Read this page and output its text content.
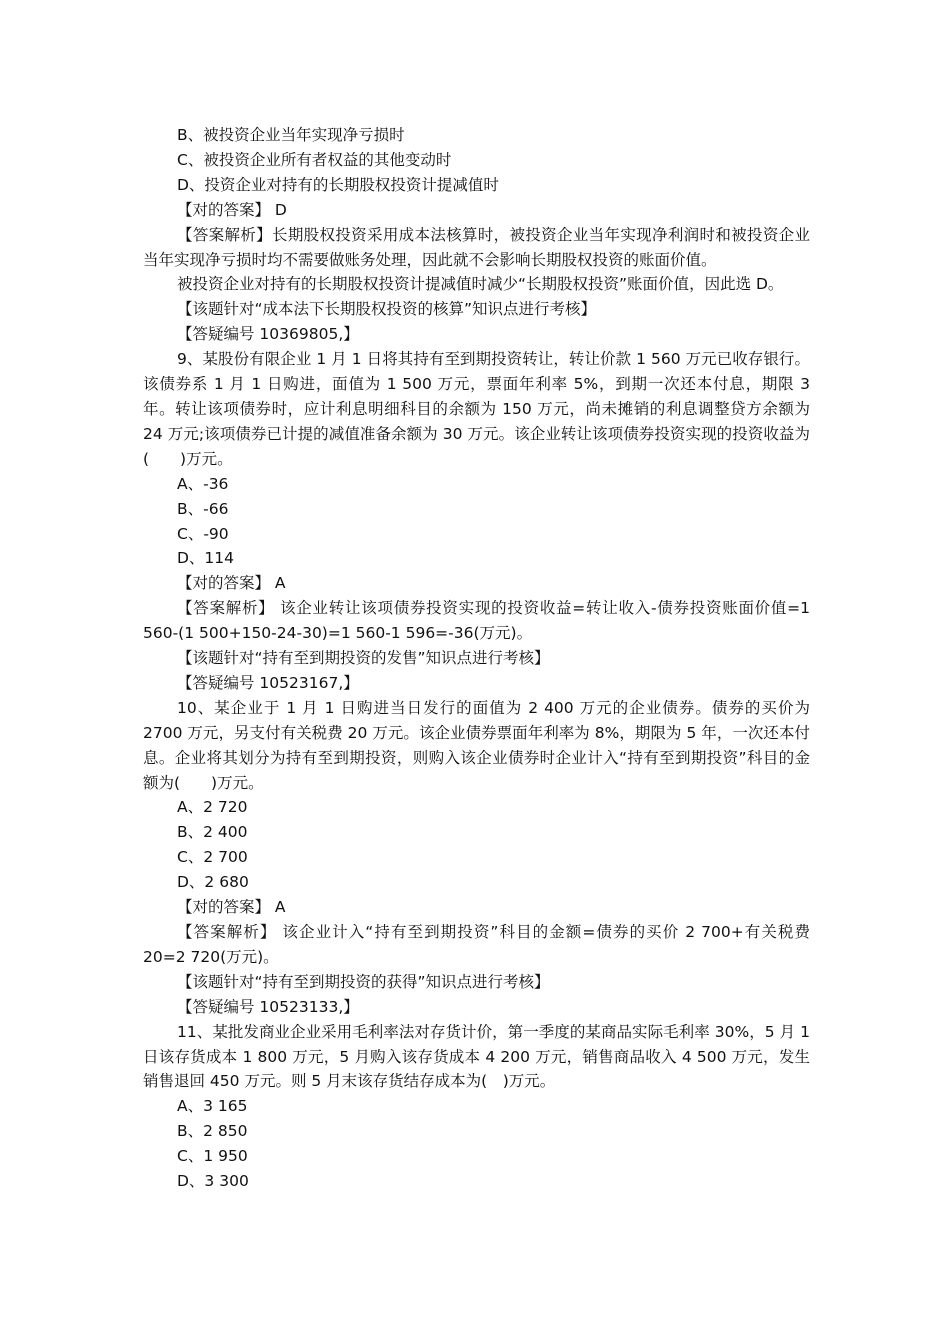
B、被投资企业当年实现净亏损时
C、被投资企业所有者权益的其他变动时
D、投资企业对持有的长期股权投资计提减值时
【对的答案】 D
【答案解析】长期股权投资采用成本法核算时，被投资企业当年实现净利润时和被投资企业当年实现净亏损时均不需要做账务处理，因此就不会影响长期股权投资的账面价值。
被投资企业对持有的长期股权投资计提减值时减少“长期股权投资”账面价值，因此选 D。
【该题针对“成本法下长期股权投资的核算”知识点进行考核】
【答疑编号 10369805,】
9、某股份有限企业 1 月 1 日将其持有至到期投资转让，转让价款 1 560 万元已收存银行。该债券系 1 月 1 日购进，面值为 1 500 万元，票面年利率 5%，到期一次还本付息，期限 3 年。转让该项债券时，应计利息明细科目的余额为 150 万元，尚未摊销的利息调整贷方余额为 24 万元;该项债券已计提的减值准备余额为 30 万元。该企业转让该项债券投资实现的投资收益为(　　)万元。
A、-36
B、-66
C、-90
D、114
【对的答案】 A
【答案解析】 该企业转让该项债券投资实现的投资收益=转让收入-债券投资账面价值=1 560-(1 500+150-24-30)=1 560-1 596=-36(万元)。
【该题针对“持有至到期投资的发售”知识点进行考核】
【答疑编号 10523167,】
10、某企业于 1 月 1 日购进当日发行的面值为 2 400 万元的企业债券。债券的买价为 2700 万元，另支付有关税费 20 万元。该企业债券票面年利率为 8%，期限为 5 年，一次还本付息。企业将其划分为持有至到期投资，则购入该企业债券时企业计入“持有至到期投资”科目的金额为(　　)万元。
A、2 720
B、2 400
C、2 700
D、2 680
【对的答案】 A
【答案解析】 该企业计入“持有至到期投资”科目的金额=债券的买价 2 700+有关税费 20=2 720(万元)。
【该题针对“持有至到期投资的获得”知识点进行考核】
【答疑编号 10523133,】
11、某批发商业企业采用毛利率法对存货计价，第一季度的某商品实际毛利率 30%，5 月 1 日该存货成本 1 800 万元，5 月购入该存货成本 4 200 万元，销售商品收入 4 500 万元，发生销售退回 450 万元。则 5 月末该存货结存成本为(　)万元。
A、3 165
B、2 850
C、1 950
D、3 300
